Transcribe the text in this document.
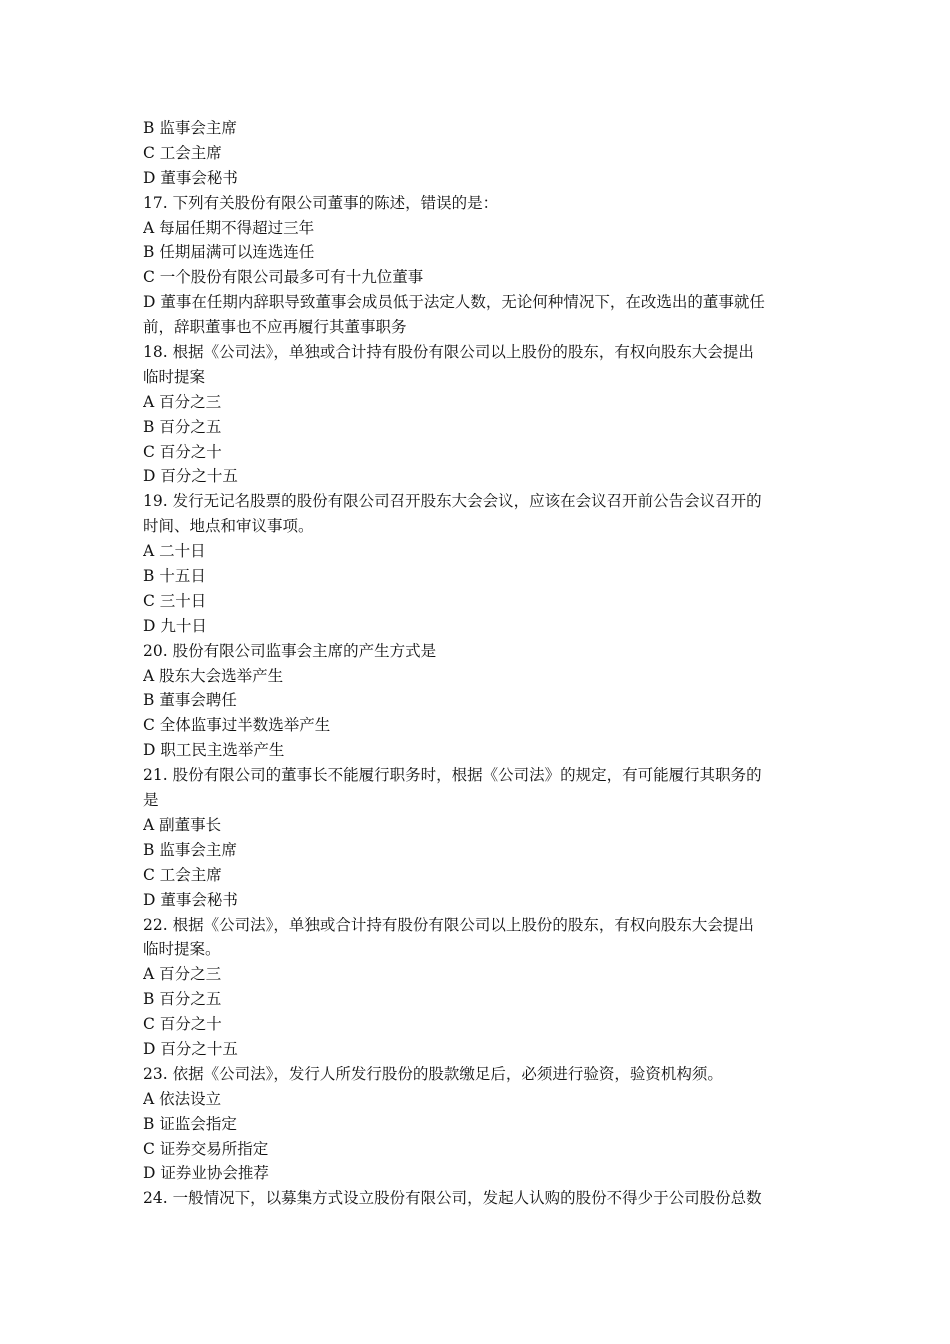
B 监事会主席
C 工会主席
D 董事会秘书
17. 下列有关股份有限公司董事的陈述，错误的是：
A 每届任期不得超过三年
B 任期届满可以连选连任
C 一个股份有限公司最多可有十九位董事
D 董事在任期内辞职导致董事会成员低于法定人数，无论何种情况下，在改选出的董事就任
前，辞职董事也不应再履行其董事职务
18. 根据《公司法》，单独或合计持有股份有限公司以上股份的股东，有权向股东大会提出
临时提案
A 百分之三
B 百分之五
C 百分之十
D 百分之十五
19. 发行无记名股票的股份有限公司召开股东大会会议，应该在会议召开前公告会议召开的
时间、地点和审议事项。
A 二十日
B 十五日
C 三十日
D 九十日
20. 股份有限公司监事会主席的产生方式是
A 股东大会选举产生
B 董事会聘任
C 全体监事过半数选举产生
D 职工民主选举产生
21. 股份有限公司的董事长不能履行职务时，根据《公司法》的规定，有可能履行其职务的
是
A 副董事长
B 监事会主席
C 工会主席
D 董事会秘书
22. 根据《公司法》，单独或合计持有股份有限公司以上股份的股东，有权向股东大会提出
临时提案。
A 百分之三
B 百分之五
C 百分之十
D 百分之十五
23. 依据《公司法》，发行人所发行股份的股款缴足后，必须进行验资，验资机构须。
A 依法设立
B 证监会指定
C 证券交易所指定
D 证券业协会推荐
24. 一般情况下，以募集方式设立股份有限公司，发起人认购的股份不得少于公司股份总数
